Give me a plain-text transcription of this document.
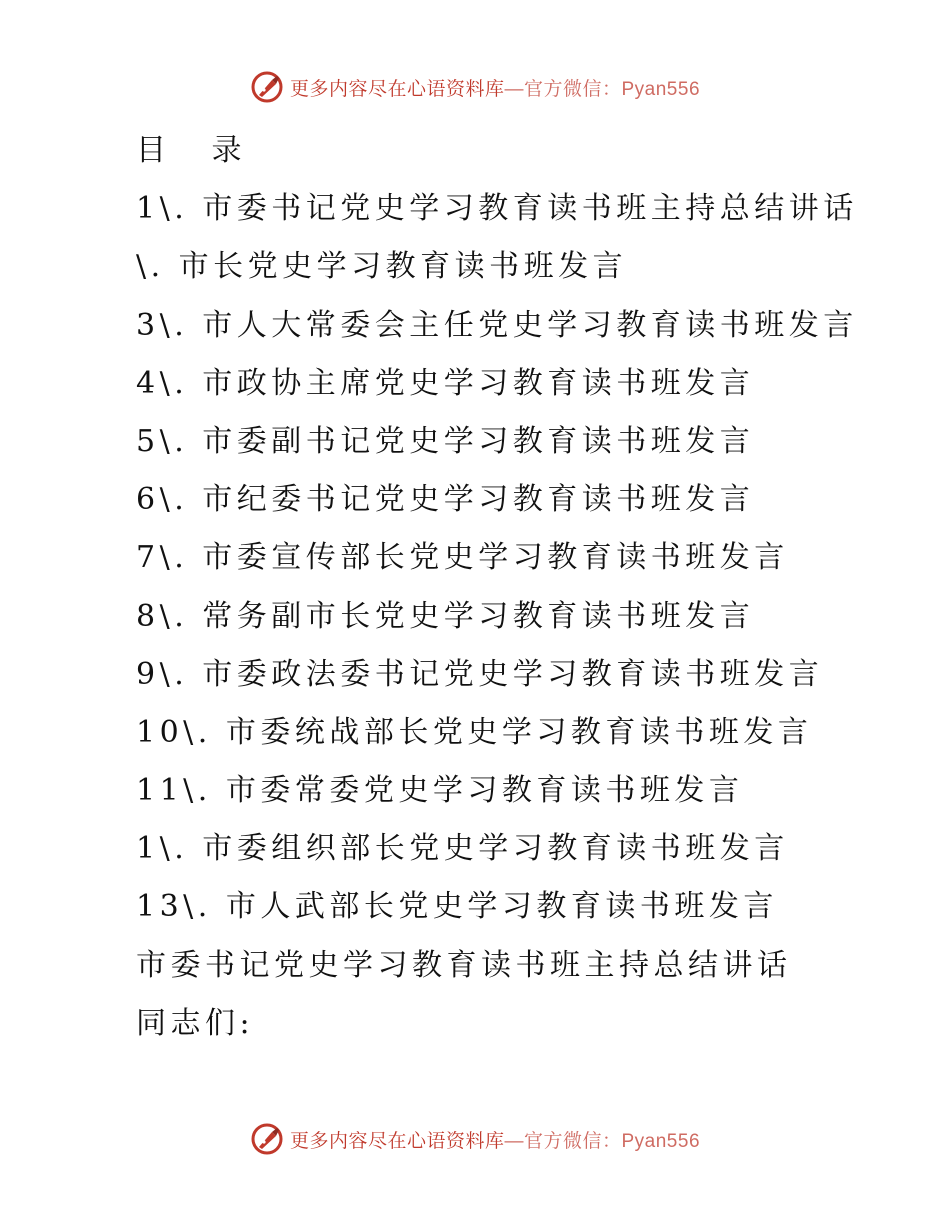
更多内容尽在心语资料库—官方微信：Pyan556
目 录
1\. 市委书记党史学习教育读书班主持总结讲话
\. 市长党史学习教育读书班发言
3\. 市人大常委会主任党史学习教育读书班发言
4\. 市政协主席党史学习教育读书班发言
5\. 市委副书记党史学习教育读书班发言
6\. 市纪委书记党史学习教育读书班发言
7\. 市委宣传部长党史学习教育读书班发言
8\. 常务副市长党史学习教育读书班发言
9\. 市委政法委书记党史学习教育读书班发言
10\. 市委统战部长党史学习教育读书班发言
11\. 市委常委党史学习教育读书班发言
1\. 市委组织部长党史学习教育读书班发言
13\. 市人武部长党史学习教育读书班发言
市委书记党史学习教育读书班主持总结讲话
同志们:
更多内容尽在心语资料库—官方微信：Pyan556
